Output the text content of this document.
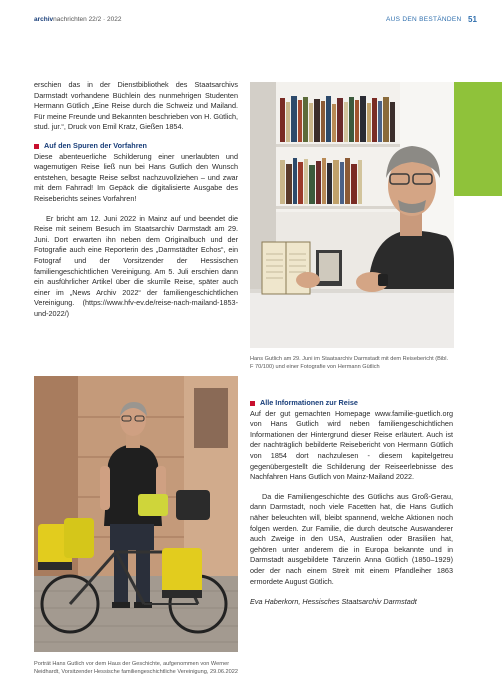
archivnachrichten 22/2 · 2022	AUS DEN BESTÄNDEN 51

erschien das in der Dienstbibliothek des Staatsarchivs Darmstadt vorhandene Büchlein des nunmehrigen Studenten Hermann Gütlich „Eine Reise durch die Schweiz und Mailand. Für meine Freunde und Bekannten beschrieben von H. Gütlich, stud. jur.“, Druck von Emil Kratz, Gießen 1854.

Auf den Spuren der Vorfahren

Diese abenteuerliche Schilderung einer unerlaubten und wagemutigen Reise ließ nun bei Hans Gutlich den Wunsch entstehen, besagte Reise selbst nachzuvollziehen – und zwar mit dem Fahrrad! Im Gepäck die digitalisierte Ausgabe des Reiseberichts seines Vorfahren!

Er bricht am 12. Juni 2022 in Mainz auf und beendet die Reise mit seinem Besuch im Staatsarchiv Darmstadt am 29. Juni. Dort erwarten ihn neben dem Originalbuch und der Fotografie auch eine Reporterin des „Darmstädter Echos“, ein Fotograf und der Vorsitzender der Hessischen familiengeschichtlichen Vereinigung. Am 5. Juli erschien dann ein ausführlicher Artikel über die skurrile Reise, später auch einer im „News Archiv 2022“ der familiengeschichtlichen Vereinigung. (https://www.hfv-ev.de/reise-nach-mailand-1853-und-2022/)

Hans Gutlich am 29. Juni im Staatsarchiv Darmstadt mit dem Reisebericht (Bibl. F 70/100) und einer Fotografie von Hermann Gütlich

Alle Informationen zur Reise

Auf der gut gemachten Homepage www.familie-guetlich.org von Hans Gutlich wird neben familiengeschichtlichen Informationen der Hintergrund dieser Reise erläutert. Auch ist der nachträglich bebilderte Reisebericht von Hermann Gütlich von 1854 dort nachzulesen - diesem kapitelgetreu gegenübergestellt die Schilderung der Reiseerlebnisse des Nachfahren Hans Gutlich von Mainz-Mailand 2022.

Da die Familiengeschichte des Gütlichs aus Groß-Gerau, dann Darmstadt, noch viele Facetten hat, die Hans Gutlich näher beleuchten will, bleibt spannend, welche Aktionen noch folgen werden. Zur Familie, die durch deutsche Auswanderer auch Zweige in den USA, Australien oder Brasilien hat, gehören unter anderem die in Europa bekannte und in Darmstadt ausgebildete Tänzerin Anna Gütlich (1850–1929) oder der nach einem Streit mit einem Pfandleiher 1863 ermordete August Gütlich.

Eva Haberkorn, Hessisches Staatsarchiv Darmstadt

Porträt Hans Gutlich vor dem Haus der Geschichte, aufgenommen von Werner Neidhardt, Vorsitzender Hessische familiengeschichtliche Vereinigung, 29.06.2022
